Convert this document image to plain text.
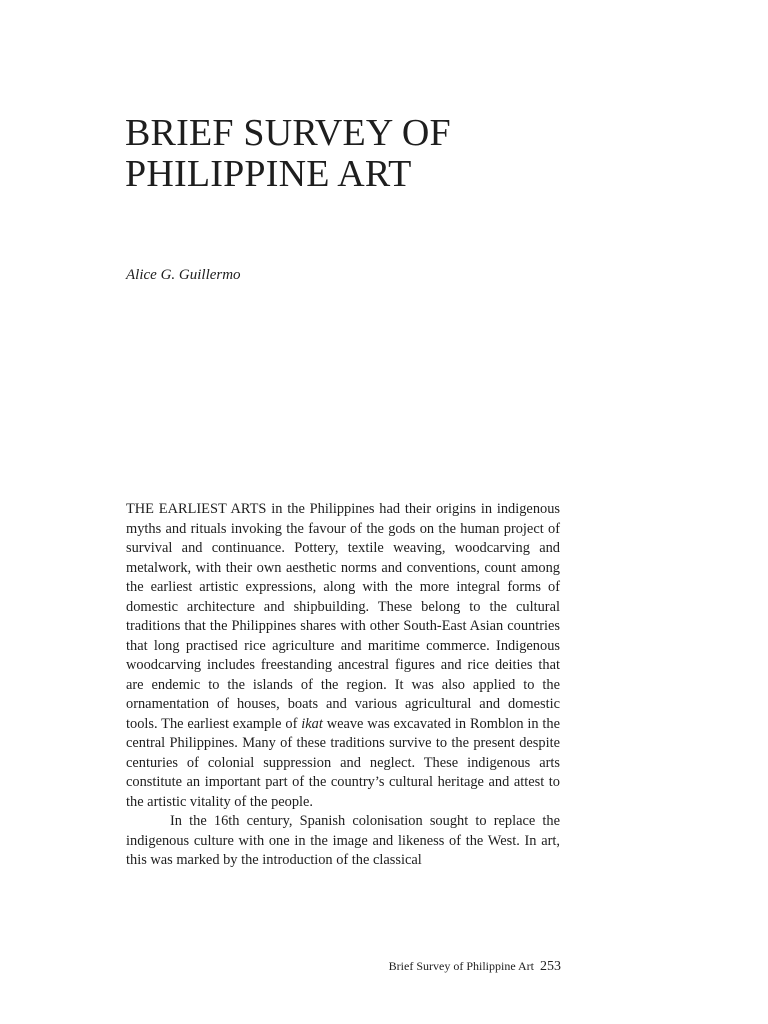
BRIEF SURVEY OF
PHILIPPINE ART
Alice G. Guillermo

THE EARLIEST ARTS in the Philippines had their origins in indigenous myths and rituals invoking the favour of the gods on the human project of survival and continuance. Pottery, textile weaving, woodcarving and metalwork, with their own aesthetic norms and conventions, count among the earliest artistic expressions, along with the more integral forms of domestic architecture and shipbuilding. These belong to the cultural traditions that the Philippines shares with other South-East Asian countries that long practised rice agriculture and maritime commerce. Indigenous woodcarving includes freestanding ancestral figures and rice deities that are endemic to the islands of the region. It was also applied to the ornamentation of houses, boats and various agricultural and domestic tools. The earliest example of ikat weave was excavated in Romblon in the central Philippines. Many of these traditions survive to the present despite centuries of colonial suppression and neglect. These indigenous arts constitute an important part of the country’s cultural heritage and attest to the artistic vitality of the people.

In the 16th century, Spanish colonisation sought to replace the indigenous culture with one in the image and likeness of the West. In art, this was marked by the introduction of the classical

Brief Survey of Philippine Art 253
